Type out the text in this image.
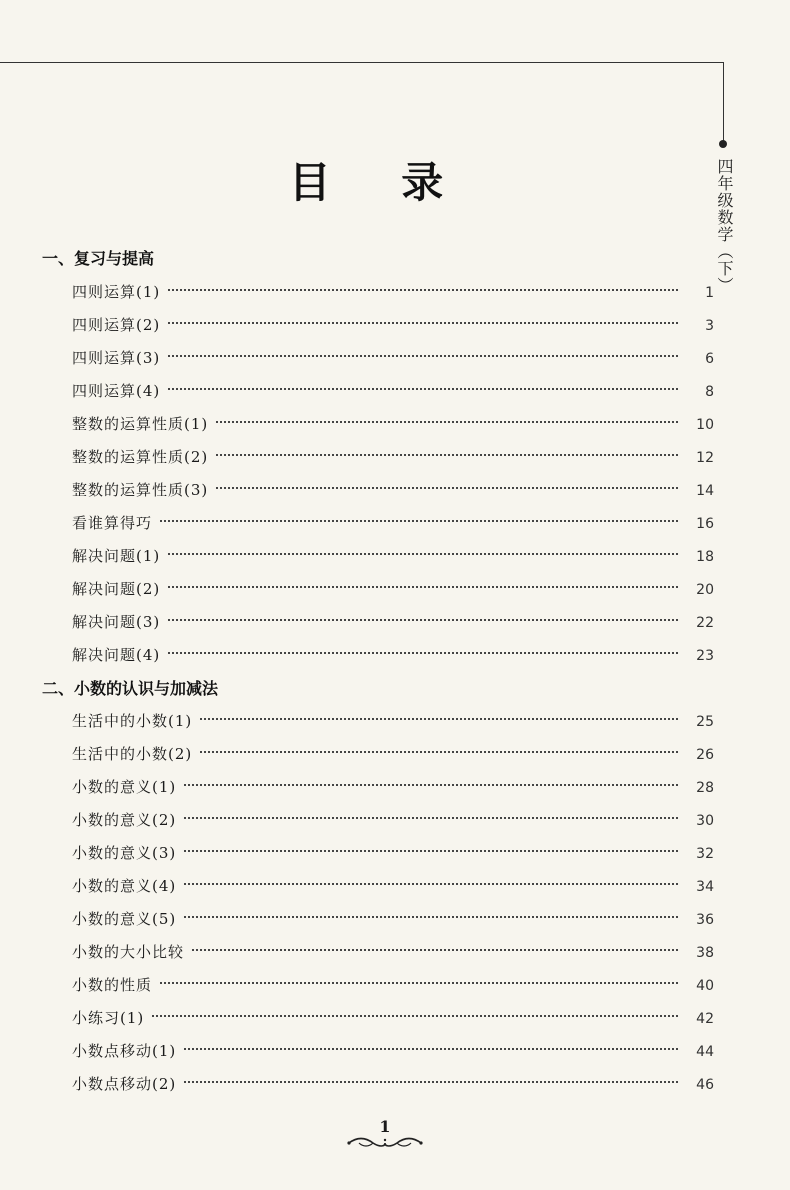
四年级数学（下）
目 录
一、复习与提高
四则运算(1)	1
四则运算(2)	3
四则运算(3)	6
四则运算(4)	8
整数的运算性质(1)	10
整数的运算性质(2)	12
整数的运算性质(3)	14
看谁算得巧	16
解决问题(1)	18
解决问题(2)	20
解决问题(3)	22
解决问题(4)	23
二、小数的认识与加减法
生活中的小数(1)	25
生活中的小数(2)	26
小数的意义(1)	28
小数的意义(2)	30
小数的意义(3)	32
小数的意义(4)	34
小数的意义(5)	36
小数的大小比较	38
小数的性质	40
小练习(1)	42
小数点移动(1)	44
小数点移动(2)	46
1
